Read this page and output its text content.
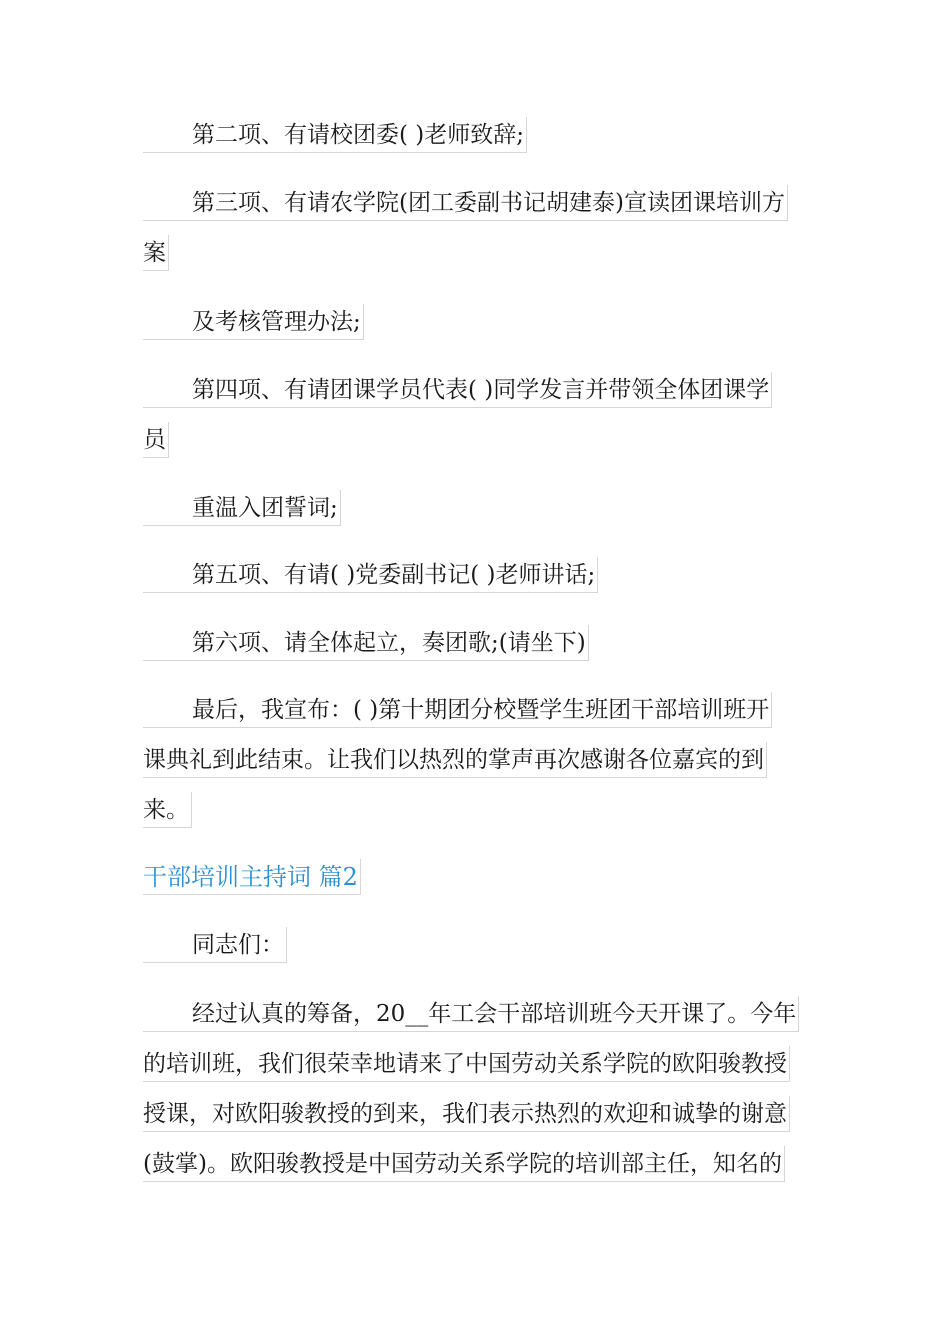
第二项、有请校团委( )老师致辞;
第三项、有请农学院(团工委副书记胡建泰)宣读团课培训方
案
及考核管理办法;
第四项、有请团课学员代表( )同学发言并带领全体团课学
员
重温入团誓词;
第五项、有请( )党委副书记( )老师讲话;
第六项、请全体起立，奏团歌;(请坐下)
最后，我宣布：( )第十期团分校暨学生班团干部培训班开
课典礼到此结束。让我们以热烈的掌声再次感谢各位嘉宾的到
来。
干部培训主持词 篇2
同志们：
经过认真的筹备，20__年工会干部培训班今天开课了。今年
的培训班，我们很荣幸地请来了中国劳动关系学院的欧阳骏教授
授课，对欧阳骏教授的到来，我们表示热烈的欢迎和诚挚的谢意
(鼓掌)。欧阳骏教授是中国劳动关系学院的培训部主任，知名的
